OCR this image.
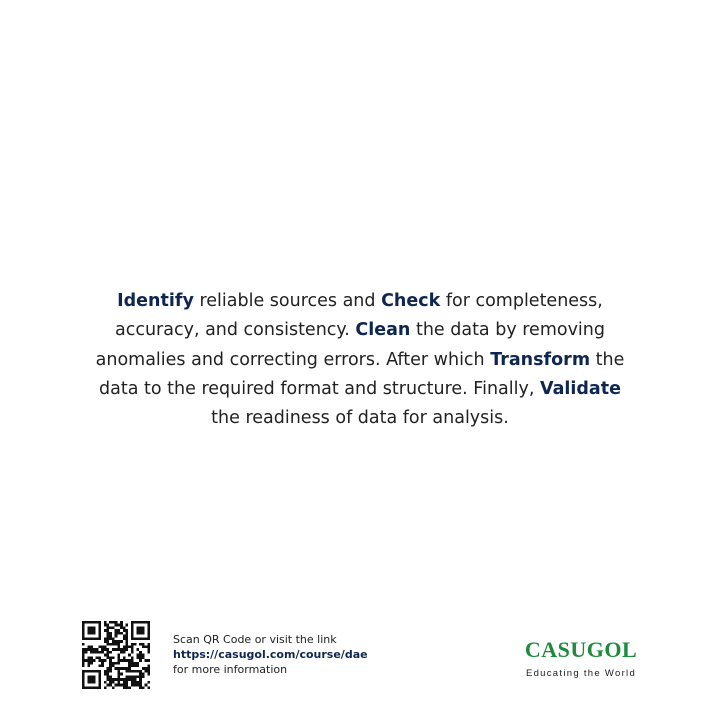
Identify reliable sources and Check for completeness,
accuracy, and consistency. Clean the data by removing
anomalies and correcting errors. After which Transform the
data to the required format and structure. Finally, Validate
the readiness of data for analysis.
Scan QR Code or visit the link
https://casugol.com/course/dae
for more information
CASUGOL
Educating the World
